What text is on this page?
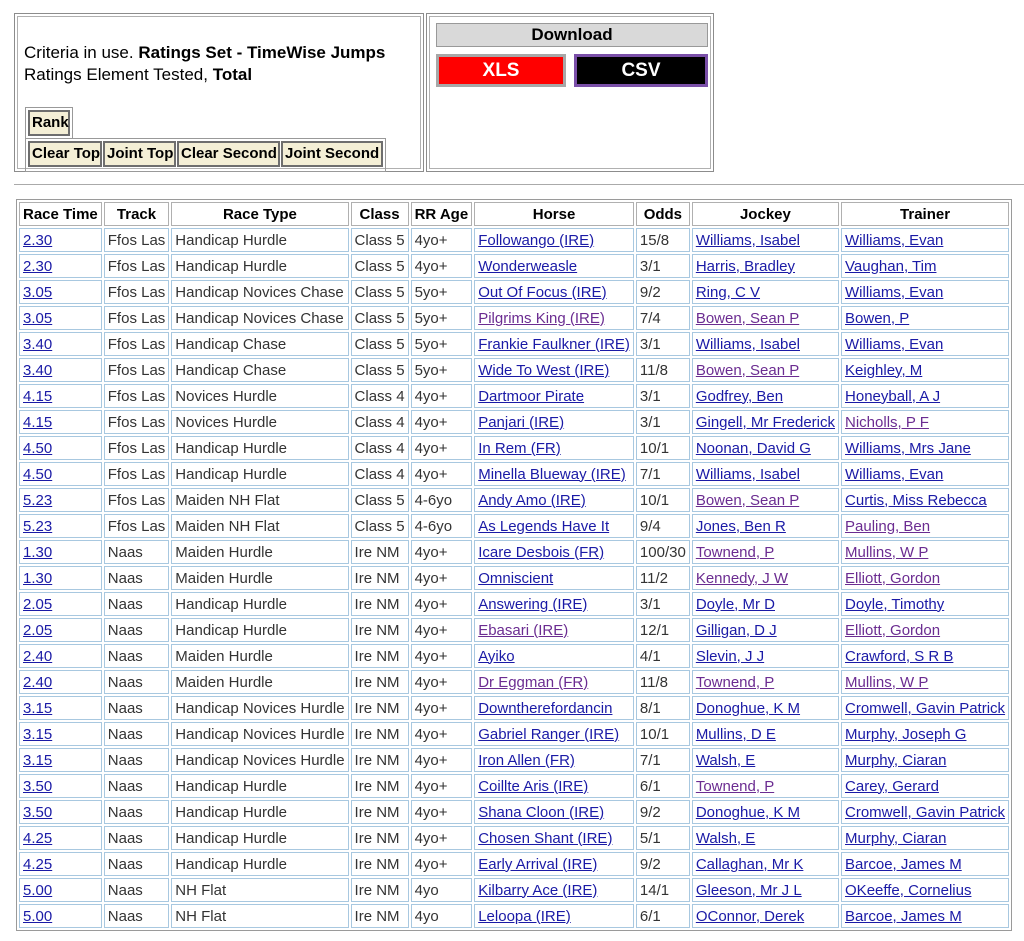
Criteria in use. Ratings Set - TimeWise Jumps
Ratings Element Tested, Total
Rank
Clear Top Joint Top Clear Second Joint Second
Download
XLS	CSV
Race Time	Track	Race Type	Class	RR Age	Horse	Odds	Jockey	Trainer
2.30	Ffos Las	Handicap Hurdle	Class 5	4yo+	Followango (IRE)	15/8	Williams, Isabel	Williams, Evan
2.30	Ffos Las	Handicap Hurdle	Class 5	4yo+	Wonderweasle	3/1	Harris, Bradley	Vaughan, Tim
3.05	Ffos Las	Handicap Novices Chase	Class 5	5yo+	Out Of Focus (IRE)	9/2	Ring, C V	Williams, Evan
3.05	Ffos Las	Handicap Novices Chase	Class 5	5yo+	Pilgrims King (IRE)	7/4	Bowen, Sean P	Bowen, P
3.40	Ffos Las	Handicap Chase	Class 5	5yo+	Frankie Faulkner (IRE)	3/1	Williams, Isabel	Williams, Evan
3.40	Ffos Las	Handicap Chase	Class 5	5yo+	Wide To West (IRE)	11/8	Bowen, Sean P	Keighley, M
4.15	Ffos Las	Novices Hurdle	Class 4	4yo+	Dartmoor Pirate	3/1	Godfrey, Ben	Honeyball, A J
4.15	Ffos Las	Novices Hurdle	Class 4	4yo+	Panjari (IRE)	3/1	Gingell, Mr Frederick	Nicholls, P F
4.50	Ffos Las	Handicap Hurdle	Class 4	4yo+	In Rem (FR)	10/1	Noonan, David G	Williams, Mrs Jane
4.50	Ffos Las	Handicap Hurdle	Class 4	4yo+	Minella Blueway (IRE)	7/1	Williams, Isabel	Williams, Evan
5.23	Ffos Las	Maiden NH Flat	Class 5	4-6yo	Andy Amo (IRE)	10/1	Bowen, Sean P	Curtis, Miss Rebecca
5.23	Ffos Las	Maiden NH Flat	Class 5	4-6yo	As Legends Have It	9/4	Jones, Ben R	Pauling, Ben
1.30	Naas	Maiden Hurdle	Ire NM	4yo+	Icare Desbois (FR)	100/30	Townend, P	Mullins, W P
1.30	Naas	Maiden Hurdle	Ire NM	4yo+	Omniscient	11/2	Kennedy, J W	Elliott, Gordon
2.05	Naas	Handicap Hurdle	Ire NM	4yo+	Answering (IRE)	3/1	Doyle, Mr D	Doyle, Timothy
2.05	Naas	Handicap Hurdle	Ire NM	4yo+	Ebasari (IRE)	12/1	Gilligan, D J	Elliott, Gordon
2.40	Naas	Maiden Hurdle	Ire NM	4yo+	Ayiko	4/1	Slevin, J J	Crawford, S R B
2.40	Naas	Maiden Hurdle	Ire NM	4yo+	Dr Eggman (FR)	11/8	Townend, P	Mullins, W P
3.15	Naas	Handicap Novices Hurdle	Ire NM	4yo+	Downtherefordancin	8/1	Donoghue, K M	Cromwell, Gavin Patrick
3.15	Naas	Handicap Novices Hurdle	Ire NM	4yo+	Gabriel Ranger (IRE)	10/1	Mullins, D E	Murphy, Joseph G
3.15	Naas	Handicap Novices Hurdle	Ire NM	4yo+	Iron Allen (FR)	7/1	Walsh, E	Murphy, Ciaran
3.50	Naas	Handicap Hurdle	Ire NM	4yo+	Coillte Aris (IRE)	6/1	Townend, P	Carey, Gerard
3.50	Naas	Handicap Hurdle	Ire NM	4yo+	Shana Cloon (IRE)	9/2	Donoghue, K M	Cromwell, Gavin Patrick
4.25	Naas	Handicap Hurdle	Ire NM	4yo+	Chosen Shant (IRE)	5/1	Walsh, E	Murphy, Ciaran
4.25	Naas	Handicap Hurdle	Ire NM	4yo+	Early Arrival (IRE)	9/2	Callaghan, Mr K	Barcoe, James M
5.00	Naas	NH Flat	Ire NM	4yo	Kilbarry Ace (IRE)	14/1	Gleeson, Mr J L	OKeeffe, Cornelius
5.00	Naas	NH Flat	Ire NM	4yo	Leloopa (IRE)	6/1	OConnor, Derek	Barcoe, James M
